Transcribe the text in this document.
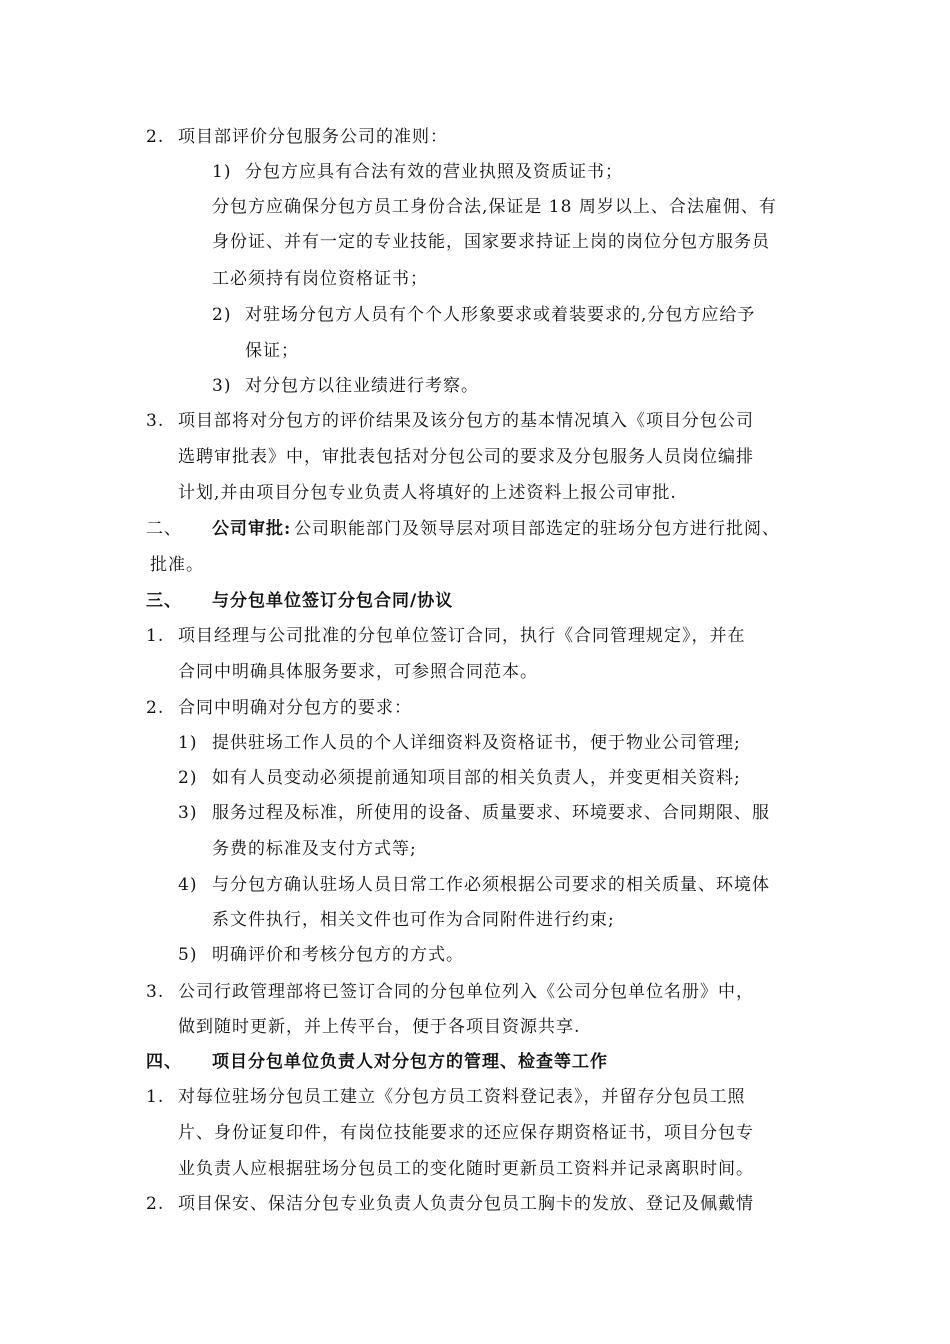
2. 项目部评价分包服务公司的准则：
1) 分包方应具有合法有效的营业执照及资质证书；
分包方应确保分包方员工身份合法,保证是 18 周岁以上、合法雇佣、有
身份证、并有一定的专业技能，国家要求持证上岗的岗位分包方服务员
工必须持有岗位资格证书；
2) 对驻场分包方人员有个个人形象要求或着装要求的,分包方应给予
保证；
3) 对分包方以往业绩进行考察。
3. 项目部将对分包方的评价结果及该分包方的基本情况填入《项目分包公司
选聘审批表》中，审批表包括对分包公司的要求及分包服务人员岗位编排
计划,并由项目分包专业负责人将填好的上述资料上报公司审批.
二、 公司审批: 公司职能部门及领导层对项目部选定的驻场分包方进行批阅、
批准。
三、 与分包单位签订分包合同/协议
1. 项目经理与公司批准的分包单位签订合同，执行《合同管理规定》，并在
合同中明确具体服务要求，可参照合同范本。
2. 合同中明确对分包方的要求：
1) 提供驻场工作人员的个人详细资料及资格证书，便于物业公司管理;
2) 如有人员变动必须提前通知项目部的相关负责人，并变更相关资料;
3) 服务过程及标准，所使用的设备、质量要求、环境要求、合同期限、服
务费的标准及支付方式等;
4) 与分包方确认驻场人员日常工作必须根据公司要求的相关质量、环境体
系文件执行，相关文件也可作为合同附件进行约束;
5) 明确评价和考核分包方的方式。
3. 公司行政管理部将已签订合同的分包单位列入《公司分包单位名册》中，
做到随时更新，并上传平台，便于各项目资源共享.
四、 项目分包单位负责人对分包方的管理、检查等工作
1. 对每位驻场分包员工建立《分包方员工资料登记表》，并留存分包员工照
片、身份证复印件，有岗位技能要求的还应保存期资格证书，项目分包专
业负责人应根据驻场分包员工的变化随时更新员工资料并记录离职时间。
2. 项目保安、保洁分包专业负责人负责分包员工胸卡的发放、登记及佩戴情
